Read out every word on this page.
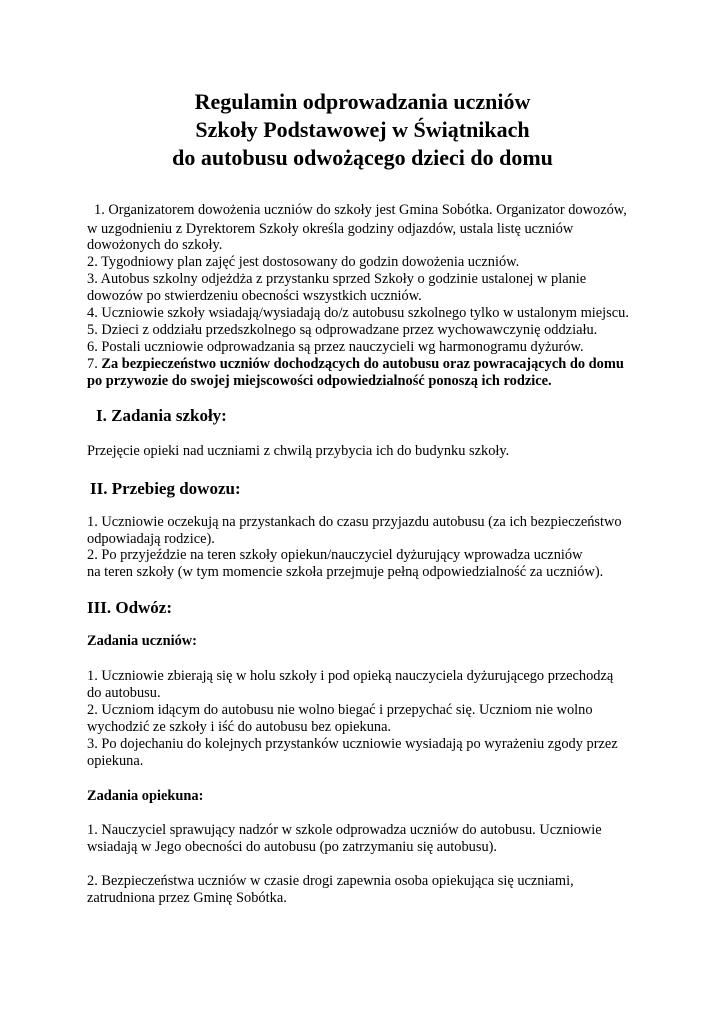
Regulamin odprowadzania uczniów
Szkoły Podstawowej w Świątnikach
do autobusu odwożącego dzieci do domu
1. Organizatorem dowożenia uczniów do szkoły jest Gmina Sobótka. Organizator dowozów,
w uzgodnieniu z Dyrektorem Szkoły określa godziny odjazdów, ustala listę uczniów
dowożonych do szkoły.
2. Tygodniowy plan zajęć jest dostosowany do godzin dowożenia uczniów.
3. Autobus szkolny odjeżdża z przystanku sprzed Szkoły o godzinie ustalonej w planie
dowozów po stwierdzeniu obecności wszystkich uczniów.
4. Uczniowie szkoły wsiadają/wysiadają do/z autobusu szkolnego tylko w ustalonym miejscu.
5. Dzieci z oddziału przedszkolnego są odprowadzane przez wychowawczynię oddziału.
6. Postali uczniowie odprowadzania są przez nauczycieli wg harmonogramu dyżurów.
7. Za bezpieczeństwo uczniów dochodzących do autobusu oraz powracających do domu
po przywozie do swojej miejscowości odpowiedzialność ponoszą ich rodzice.
I. Zadania szkoły:
Przejęcie opieki nad uczniami z chwilą przybycia ich do budynku szkoły.
II. Przebieg dowozu:
1. Uczniowie oczekują na przystankach do czasu przyjazdu autobusu (za ich bezpieczeństwo
odpowiadają rodzice).
2. Po przyjeździe na teren szkoły opiekun/nauczyciel dyżurujący wprowadza uczniów
na teren szkoły (w tym momencie szkoła przejmuje pełną odpowiedzialność za uczniów).
III. Odwóz:
Zadania uczniów:
1. Uczniowie zbierają się w holu szkoły i pod opieką nauczyciela dyżurującego przechodzą
do autobusu.
2. Uczniom idącym do autobusu nie wolno biegać i przepychać się. Uczniom nie wolno
wychodzić ze szkoły i iść do autobusu bez opiekuna.
3. Po dojechaniu do kolejnych przystanków uczniowie wysiadają po wyrażeniu zgody przez
opiekuna.
Zadania opiekuna:
1. Nauczyciel sprawujący nadzór w szkole odprowadza uczniów do autobusu. Uczniowie
wsiadają w Jego obecności do autobusu (po zatrzymaniu się autobusu).
2. Bezpieczeństwa uczniów w czasie drogi zapewnia osoba opiekująca się uczniami,
zatrudniona przez Gminę Sobótka.
